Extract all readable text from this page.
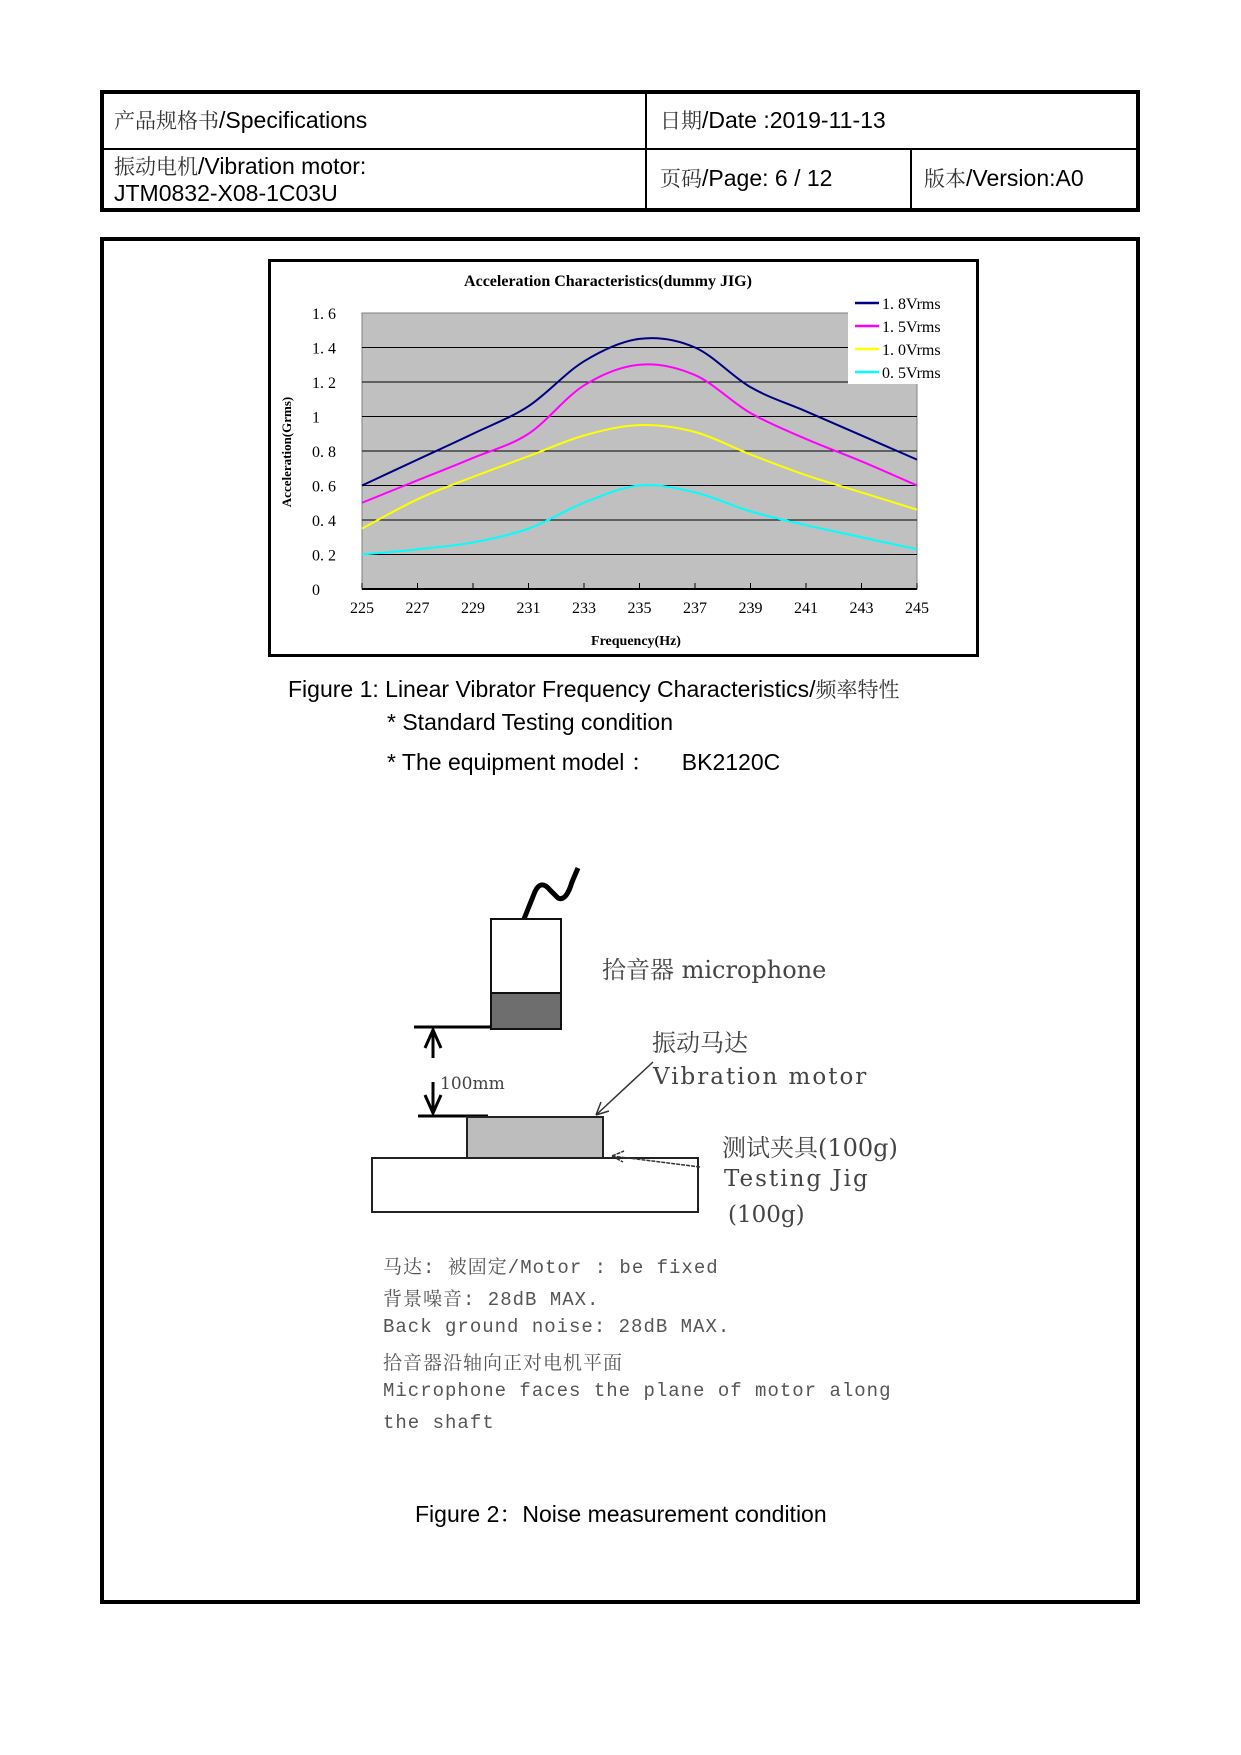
产品规格书/Specifications	日期/Date :2019-11-13
振动电机/Vibration motor:
JTM0832-X08-1C03U
页码/Page: 6 / 12	版本/Version:A0
0
0. 2
0. 4
0. 6
0. 8
1
1. 2
1. 4
1. 6
225 227 229 231 233 235 237 239 241 243 245
Acceleration Characteristics(dummy JIG)
Frequency(Hz)
Acceleration(Grms)
1. 8Vrms
1. 5Vrms
1. 0Vrms
0. 5Vrms
Figure 1: Linear Vibrator Frequency Characteristics/频率特性
* Standard Testing condition
* The equipment model ： BK2120C
拾音器 microphone
100mm
振动马达
Vibration motor
测试夹具(100g)
Testing Jig
(100g)
马达: 被固定/Motor : be fixed
背景噪音: 28dB MAX.
Back ground noise: 28dB MAX.
拾音器沿轴向正对电机平面
Microphone faces the plane of motor along
the shaft
Figure 2：Noise measurement condition
